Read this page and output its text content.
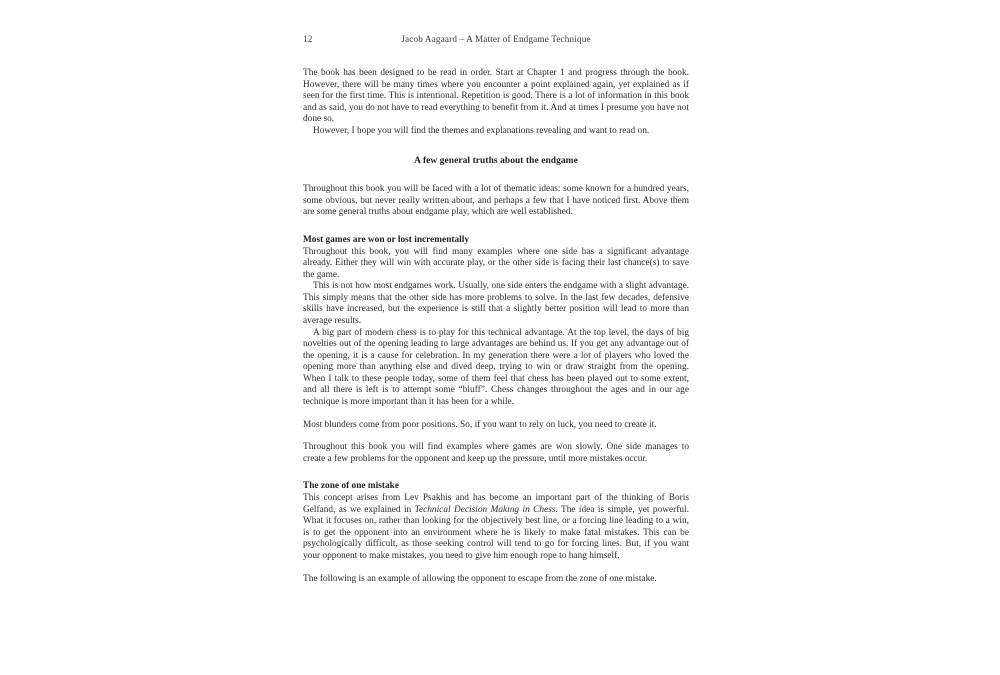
12	Jacob Aagaard – A Matter of Endgame Technique

The book has been designed to be read in order. Start at Chapter 1 and progress through the book. However, there will be many times where you encounter a point explained again, yet explained as if seen for the first time. This is intentional. Repetition is good. There is a lot of information in this book and as said, you do not have to read everything to benefit from it. And at times I presume you have not done so.

However, I hope you will find the themes and explanations revealing and want to read on.

A few general truths about the endgame

Throughout this book you will be faced with a lot of thematic ideas: some known for a hundred years, some obvious, but never really written about, and perhaps a few that I have noticed first. Above them are some general truths about endgame play, which are well established.

Most games are won or lost incrementally

Throughout this book, you will find many examples where one side has a significant advantage already. Either they will win with accurate play, or the other side is facing their last chance(s) to save the game.

This is not how most endgames work. Usually, one side enters the endgame with a slight advantage. This simply means that the other side has more problems to solve. In the last few decades, defensive skills have increased, but the experience is still that a slightly better position will lead to more than average results.

A big part of modern chess is to play for this technical advantage. At the top level, the days of big novelties out of the opening leading to large advantages are behind us. If you get any advantage out of the opening, it is a cause for celebration. In my generation there were a lot of players who loved the opening more than anything else and dived deep, trying to win or draw straight from the opening. When I talk to these people today, some of them feel that chess has been played out to some extent, and all there is left is to attempt some “bluff”. Chess changes throughout the ages and in our age technique is more important than it has been for a while.

Most blunders come from poor positions. So, if you want to rely on luck, you need to create it.

Throughout this book you will find examples where games are won slowly. One side manages to create a few problems for the opponent and keep up the pressure, until more mistakes occur.

The zone of one mistake

This concept arises from Lev Psakhis and has become an important part of the thinking of Boris Gelfand, as we explained in Technical Decision Making in Chess. The idea is simple, yet powerful. What it focuses on, rather than looking for the objectively best line, or a forcing line leading to a win, is to get the opponent into an environment where he is likely to make fatal mistakes. This can be psychologically difficult, as those seeking control will tend to go for forcing lines. But, if you want your opponent to make mistakes, you need to give him enough rope to hang himself.

The following is an example of allowing the opponent to escape from the zone of one mistake.
